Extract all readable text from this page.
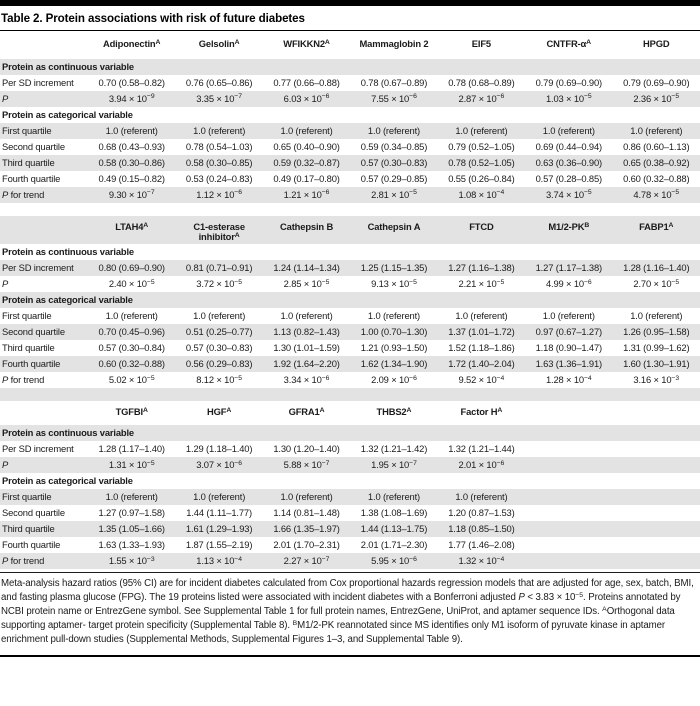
Table 2. Protein associations with risk of future diabetes
	Adiponectin$^A$	Gelsolin$^A$	$WFIKKN2^A$	Mammaglobin 2	EIF5	CNTFR-$\alpha^A$	HPGD
Protein as continuous variable							
Per SD increment	0.70 (0.58–0.82)	0.76 (0.65–0.86)	0.77 (0.66–0.88)	0.78 (0.67–0.89)	0.78 (0.68–0.89)	0.79 (0.69–0.90)	0.79 (0.69–0.90)
P	$3.94 \times 10^{-9}$	$3.35 \times 10^{-7}$	$6.03 \times 10^{-6}$	$7.55 \times 10^{-6}$	$2.87 \times 10^{-6}$	$1.03 \times 10^{-5}$	$2.36 \times 10^{-5}$
Protein as categorical variable							
First quartile	1.0 (referent)	1.0 (referent)	1.0 (referent)	1.0 (referent)	1.0 (referent)	1.0 (referent)	1.0 (referent)
Second quartile	0.68 (0.43–0.93)	0.78 (0.54–1.03)	0.65 (0.40–0.90)	0.59 (0.34–0.85)	0.79 (0.52–1.05)	0.69 (0.44–0.94)	0.86 (0.60–1.13)
Third quartile	0.58 (0.30–0.86)	0.58 (0.30–0.85)	0.59 (0.32–0.87)	0.57 (0.30–0.83)	0.78 (0.52–1.05)	0.63 (0.36–0.90)	0.65 (0.38–0.92)
Fourth quartile	0.49 (0.15–0.82)	0.53 (0.24–0.83)	0.49 (0.17–0.80)	0.57 (0.29–0.85)	0.55 (0.26–0.84)	0.57 (0.28–0.85)	0.60 (0.32–0.88)
P for trend	$9.30 \times 10^{-7}$	$1.12 \times 10^{-6}$	$1.21 \times 10^{-6}$	$2.81 \times 10^{-5}$	$1.08 \times 10^{-4}$	$3.74 \times 10^{-5}$	$4.78 \times 10^{-5}$
	$LTAH4^A$	C1-esterase inhibitor$^A$	Cathepsin B	Cathepsin A	FTCD	$M1/2-PK^B$	$FABP1^A$
Protein as continuous variable							
Per SD increment	0.80 (0.69–0.90)	0.81 (0.71–0.91)	1.24 (1.14–1.34)	1.25 (1.15–1.35)	1.27 (1.16–1.38)	1.27 (1.17–1.38)	1.28 (1.16–1.40)
P	$2.40 \times 10^{-5}$	$3.72 \times 10^{-5}$	$2.85 \times 10^{-5}$	$9.13 \times 10^{-5}$	$2.21 \times 10^{-5}$	$4.99 \times 10^{-6}$	$2.70 \times 10^{-5}$
Protein as categorical variable							
First quartile	1.0 (referent)	1.0 (referent)	1.0 (referent)	1.0 (referent)	1.0 (referent)	1.0 (referent)	1.0 (referent)
Second quartile	0.70 (0.45–0.96)	0.51 (0.25–0.77)	1.13 (0.82–1.43)	1.00 (0.70–1.30)	1.37 (1.01–1.72)	0.97 (0.67–1.27)	1.26 (0.95–1.58)
Third quartile	0.57 (0.30–0.84)	0.57 (0.30–0.83)	1.30 (1.01–1.59)	1.21 (0.93–1.50)	1.52 (1.18–1.86)	1.18 (0.90–1.47)	1.31 (0.99–1.62)
Fourth quartile	0.60 (0.32–0.88)	0.56 (0.29–0.83)	1.92 (1.64–2.20)	1.62 (1.34–1.90)	1.72 (1.40–2.04)	1.63 (1.36–1.91)	1.60 (1.30–1.91)
P for trend	$5.02 \times 10^{-5}$	$8.12 \times 10^{-5}$	$3.34 \times 10^{-6}$	$2.09 \times 10^{-6}$	$9.52 \times 10^{-4}$	$1.28 \times 10^{-4}$	$3.16 \times 10^{-3}$
	$TGFBI^A$	$HGF^A$	$GFRA1^A$	$THBS2^A$	Factor $H^A$		
Protein as continuous variable							
Per SD increment	1.28 (1.17–1.40)	1.29 (1.18–1.40)	1.30 (1.20–1.40)	1.32 (1.21–1.42)	1.32 (1.21–1.44)		
P	$1.31 \times 10^{-5}$	$3.07 \times 10^{-6}$	$5.88 \times 10^{-7}$	$1.95 \times 10^{-7}$	$2.01 \times 10^{-6}$		
Protein as categorical variable							
First quartile	1.0 (referent)	1.0 (referent)	1.0 (referent)	1.0 (referent)	1.0 (referent)		
Second quartile	1.27 (0.97–1.58)	1.44 (1.11–1.77)	1.14 (0.81–1.48)	1.38 (1.08–1.69)	1.20 (0.87–1.53)		
Third quartile	1.35 (1.05–1.66)	1.61 (1.29–1.93)	1.66 (1.35–1.97)	1.44 (1.13–1.75)	1.18 (0.85–1.50)		
Fourth quartile	1.63 (1.33–1.93)	1.87 (1.55–2.19)	2.01 (1.70–2.31)	2.01 (1.71–2.30)	1.77 (1.46–2.08)		
P for trend	$1.55 \times 10^{-3}$	$1.13 \times 10^{-4}$	$2.27 \times 10^{-7}$	$5.95 \times 10^{-6}$	$1.32 \times 10^{-4}$		
Meta-analysis hazard ratios (95% CI) are for incident diabetes calculated from Cox proportional hazards regression models that are adjusted for age, sex, batch, BMI, and fasting plasma glucose (FPG). The 19 proteins listed were associated with incident diabetes with a Bonferroni adjusted $P < 3.83 \times 10^{-5}$. Proteins annotated by NCBI protein name or EntrezGene symbol. See Supplemental Table 1 for full protein names, EntrezGene, UniProt, and aptamer sequence IDs. $^A$Orthogonal data supporting aptamer- target protein specificity (Supplemental Table 8). $^B$M1/2-PK reannotated since MS identifies only M1 isoform of pyruvate kinase in aptamer enrichment pull-down studies (Supplemental Methods, Supplemental Figures 1–3, and Supplemental Table 9).
